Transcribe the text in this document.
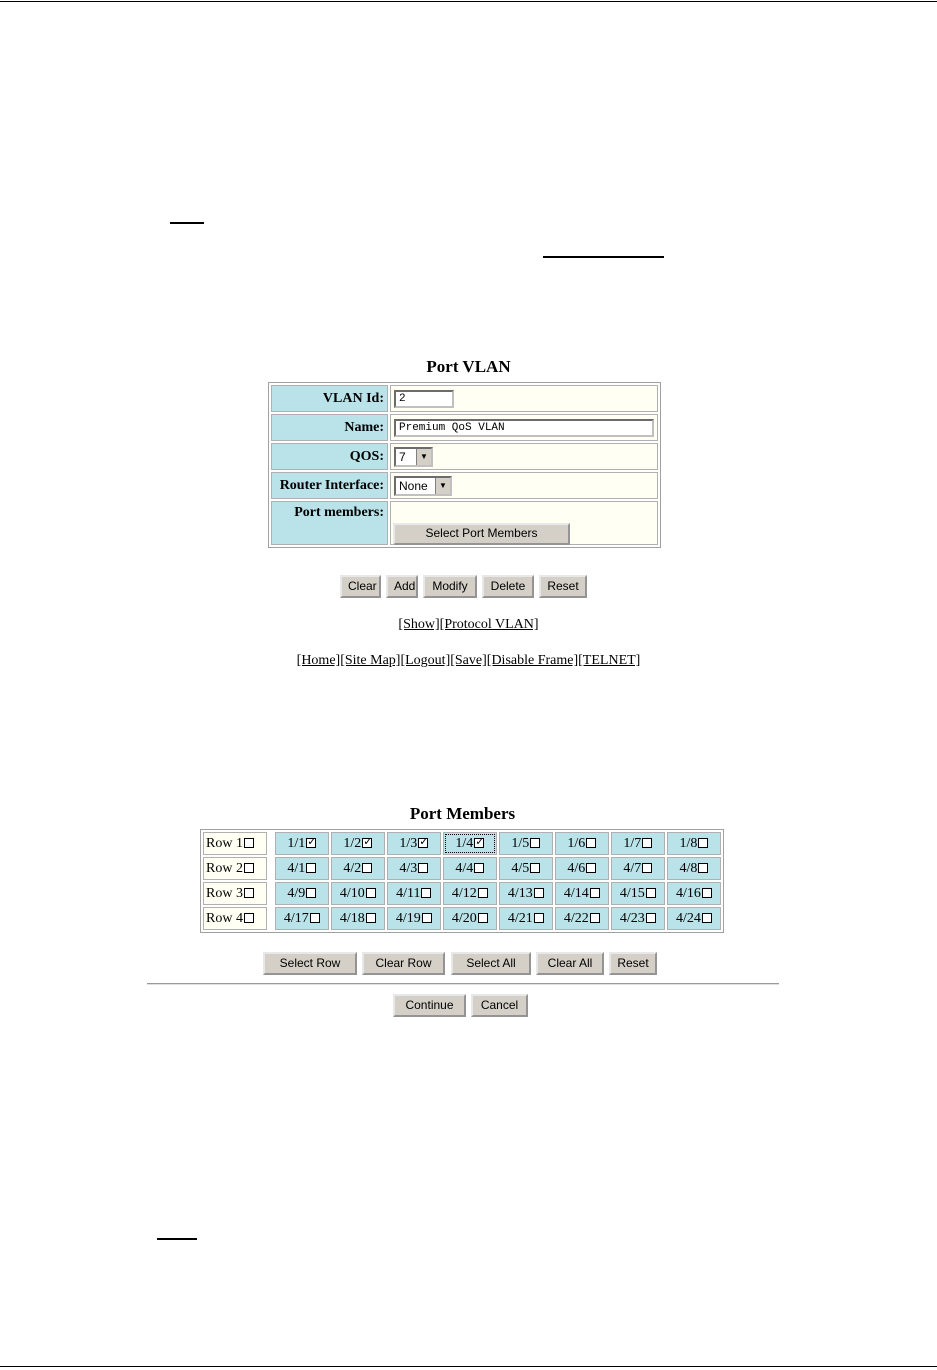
Port VLAN
VLAN Id:	2
Name:	Premium QoS VLAN
QOS:	7 ▼

Router Interface:	None ▼

Port members:	Select Port Members
Clear	Add	Modify	Delete	Reset
[Show][Protocol VLAN]
[Home][Site Map][Logout][Save][Disable Frame][TELNET]
Port Members
Row 1		1/1✓	1/2✓	1/3✓	1/4✓	1/5	1/6	1/7	1/8
Row 2		4/1	4/2	4/3	4/4	4/5	4/6	4/7	4/8
Row 3		4/9	4/10	4/11	4/12	4/13	4/14	4/15	4/16
Row 4		4/17	4/18	4/19	4/20	4/21	4/22	4/23	4/24
Select Row	Clear Row	Select All	Clear All	Reset
Continue	Cancel
